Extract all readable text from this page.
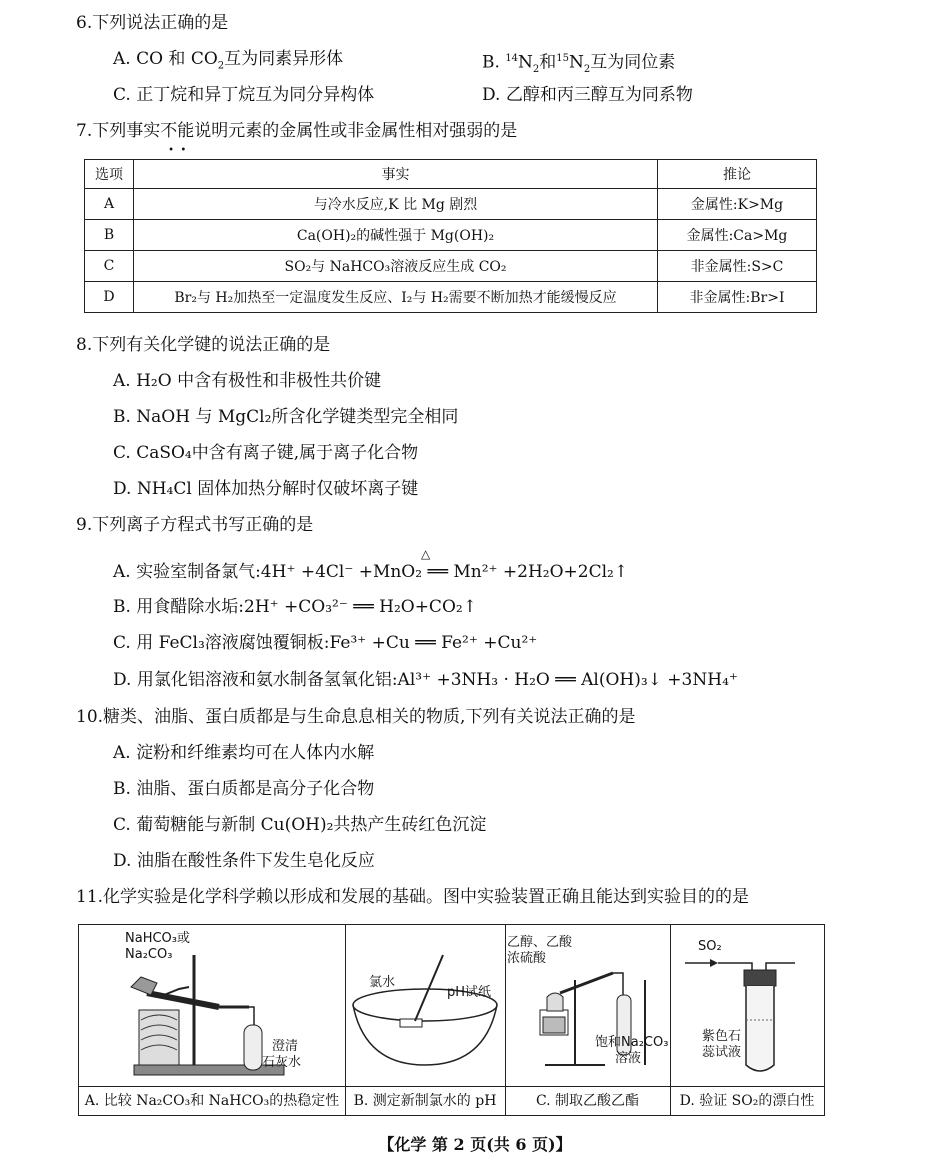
6.下列说法正确的是
A. CO 和 $CO_2$互为同素异形体	B. $^{14}N_2$和$^{15}N_2$互为同位素
C. 正丁烷和异丁烷互为同分异构体	D. 乙醇和丙三醇互为同系物
7.下列事实不能
•  •
说明元素的金属性或非金属性相对强弱的是
选项	事实	推论
A	与冷水反应,K 比 Mg 剧烈	金属性:K>Mg
B	Ca(OH)₂的碱性强于 Mg(OH)₂	金属性:Ca>Mg
C	SO₂与 NaHCO₃溶液反应生成 CO₂	非金属性:S>C
D	Br₂与 H₂加热至一定温度发生反应、I₂与 H₂需要不断加热才能缓慢反应	非金属性:Br>I
8.下列有关化学键的说法正确的是
A. H₂O 中含有极性和非极性共价键
B. NaOH 与 MgCl₂所含化学键类型完全相同
C. CaSO₄中含有离子键,属于离子化合物
D. NH₄Cl 固体加热分解时仅破坏离子键
9.下列离子方程式书写正确的是
△
A. 实验室制备氯气:4H⁺ +4Cl⁻ +MnO₂ ══ Mn²⁺ +2H₂O+2Cl₂↑
B. 用食醋除水垢:2H⁺ +CO₃²⁻ ══ H₂O+CO₂↑
C. 用 FeCl₃溶液腐蚀覆铜板:Fe³⁺ +Cu ══ Fe²⁺ +Cu²⁺
D. 用氯化铝溶液和氨水制备氢氧化铝:Al³⁺ +3NH₃ · H₂O ══ Al(OH)₃↓ +3NH₄⁺
10.糖类、油脂、蛋白质都是与生命息息相关的物质,下列有关说法正确的是
A. 淀粉和纤维素均可在人体内水解
B. 油脂、蛋白质都是高分子化合物
C. 葡萄糖能与新制 Cu(OH)₂共热产生砖红色沉淀
D. 油脂在酸性条件下发生皂化反应
11.化学实验是化学科学赖以形成和发展的基础。图中实验装置正确且能达到实验目的的是
NaHCO₃或
Na₂CO₃
澄清
石灰水
A. 比较 Na₂CO₃和 NaHCO₃的热稳定性
氯水
pH试纸
B. 测定新制氯水的 pH
乙醇、乙酸
浓硫酸
饱和Na₂CO₃
溶液
C. 制取乙酸乙酯
SO₂
紫色石
蕊试液
D. 验证 SO₂的漂白性
【化学 第 2 页(共 6 页)】
